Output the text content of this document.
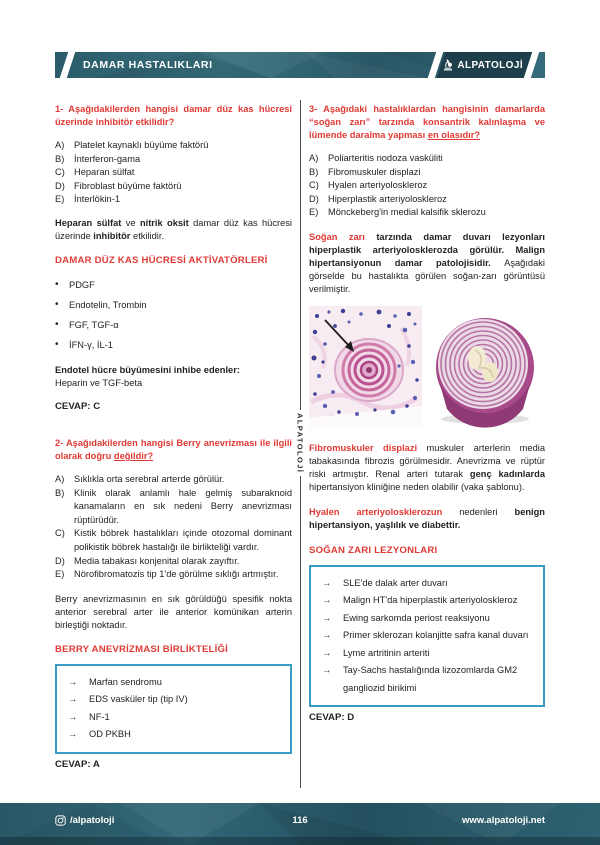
DAMAR HASTALIKLARI	ALPATOLOJİ
ALPATOLOJİ
1- Aşağıdakilerden hangisi damar düz kas hücresi üzerinde inhibitör etkilidir?
A)	Platelet kaynaklı büyüme faktörü
B)	İnterferon-gama
C) Heparan sülfat
D) Fibroblast büyüme faktörü
E)	İnterlökin-1
Heparan sülfat ve nitrik oksit damar düz kas hücresi üzerinde inhibitör etkilidir.
DAMAR DÜZ KAS HÜCRESİ AKTİVATÖRLERİ
•	PDGF
•	Endotelin, Trombin
•	FGF, TGF-α
•	İFN-γ, İL-1
Endotel hücre büyümesini inhibe edenler:
Heparin ve TGF-beta
CEVAP: C
2- Aşağıdakilerden hangisi Berry anevrizması ile ilgili olarak doğru değildir?
A)	Sıklıkla orta serebral arterde görülür.
B)	Klinik olarak anlamlı hale gelmiş subaraknoid kanamaların en sık nedeni Berry anevrizması rüptürüdür.
C) Kistik böbrek hastalıkları içinde otozomal dominant polikistik böbrek hastalığı ile birlikteliği vardır.
D) Media tabakası konjenital olarak zayıftır.
E)	Nörofibromatozis tip 1'de görülme sıklığı artmıştır.
Berry anevrizmasının en sık görüldüğü spesifik nokta anterior serebral arter ile anterior komünikan arterin birleştiği noktadır.
BERRY ANEVRİZMASI BİRLİKTELİĞİ
→	Marfan sendromu
→	EDS vasküler tip (tip IV)
→	NF-1
→	OD PKBH
CEVAP: A
3- Aşağıdaki hastalıklardan hangisinin damarlarda “soğan zarı” tarzında konsantrik kalınlaşma ve lümende daralma yapması en olasıdır?
A)	Poliarteritis nodoza vasküliti
B)	Fibromuskuler displazi
C) Hyalen arteriyoloskleroz
D) Hiperplastik arteriyoloskleroz
E)	Mönckeberg'in medial kalsifik sklerozu
Soğan zarı tarzında damar duvarı lezyonları hiperplastik arteriyolosklerozda görülür. Malign hipertansiyonun damar patolojisidir. Aşağıdaki görselde bu hastalıkta görülen soğan-zarı görüntüsü verilmiştir.
Fibromuskuler displazi muskuler arterlerin media tabakasında fibrozis görülmesidir. Anevrizma ve rüptür riski artmıştır. Renal arteri tutarak genç kadınlarda hipertansiyon kliniğine neden olabilir (vaka şablonu).
Hyalen arteriyolosklerozun nedenleri benign hipertansiyon, yaşlılık ve diabettir.
SOĞAN ZARI LEZYONLARI
→	SLE'de dalak arter duvarı
→	Malign HT'da hiperplastik arteriyoloskleroz
→	Ewing sarkomda periost reaksiyonu
→	Primer sklerozan kolanjitte safra kanal duvarı
→	Lyme artritinin arteriti
→	Tay-Sachs hastalığında lizozomlarda GM2 gangliozid birikimi
CEVAP: D
/alpatoloji	116	www.alpatoloji.net
